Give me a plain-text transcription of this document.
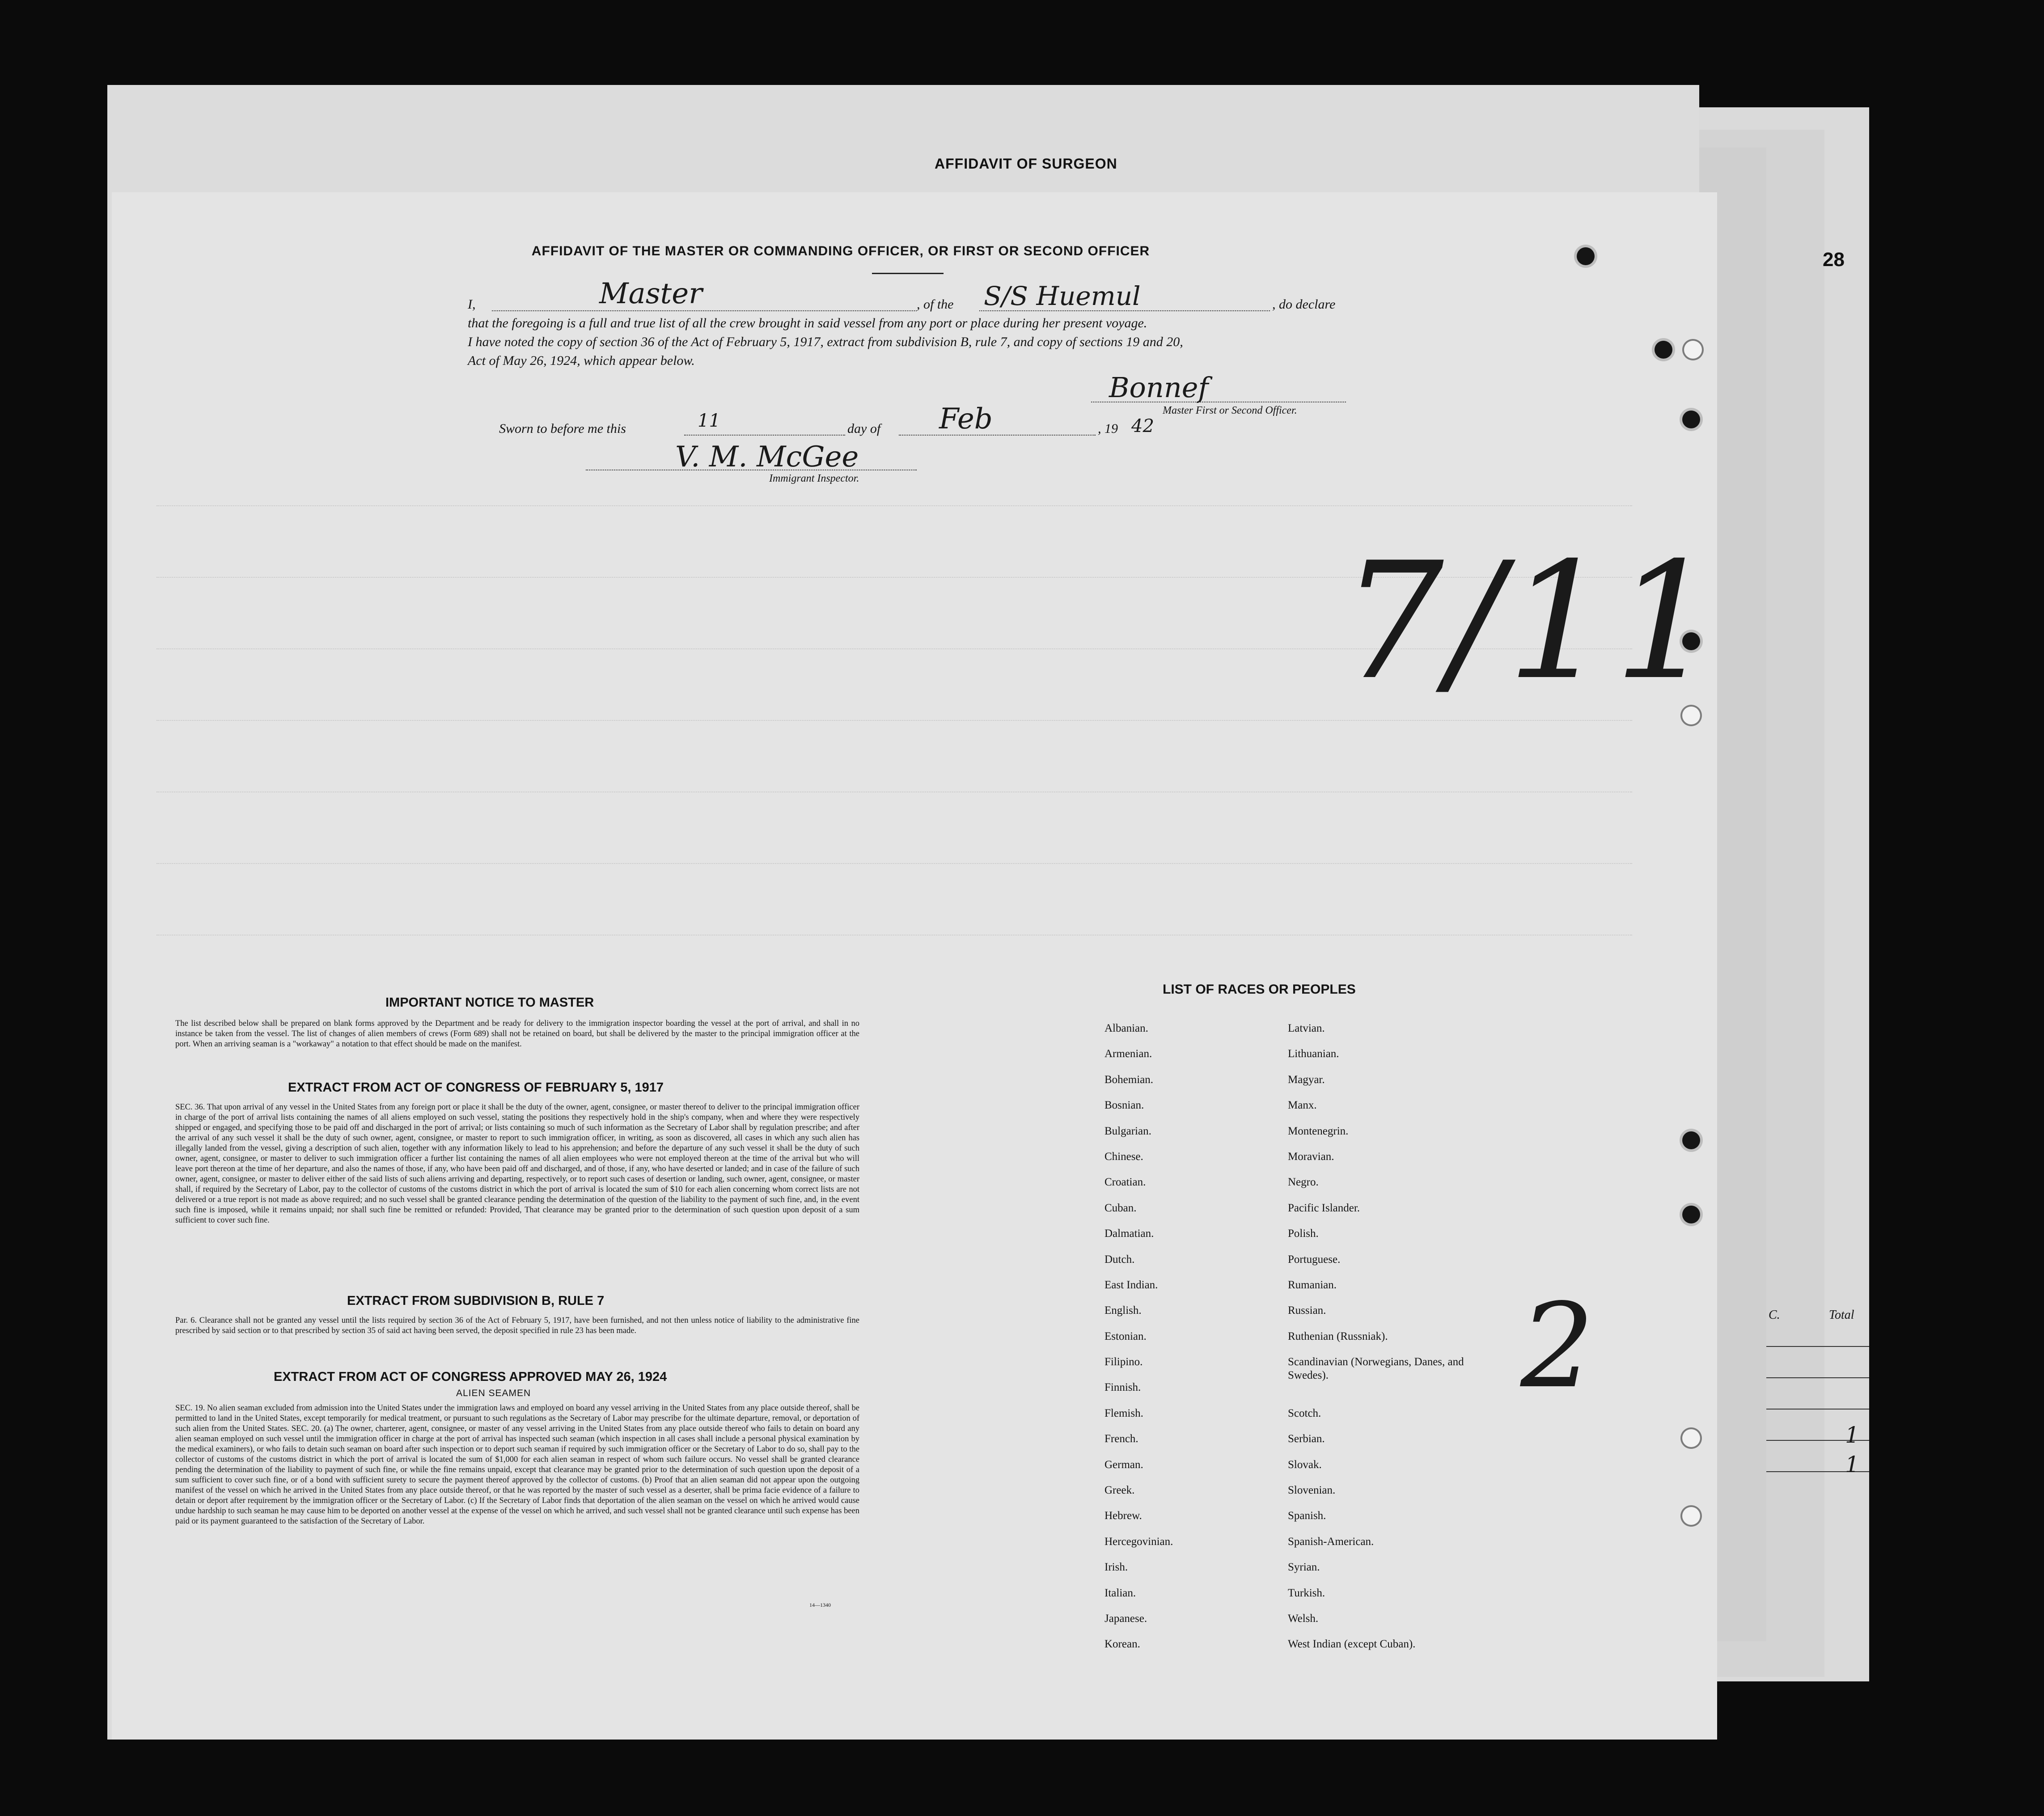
AFFIDAVIT OF SURGEON
28
AFFIDAVIT OF THE MASTER OR COMMANDING OFFICER, OR FIRST OR SECOND OFFICER
I,	Master	, of the S/S Huemul	, do declare
that the foregoing is a full and true list of all the crew brought in said vessel from any port or place during her present voyage.
I have noted the copy of section 36 of the Act of February 5, 1917, extract from subdivision B, rule 7, and copy of sections 19 and 20,
Act of May 26, 1924, which appear below.
Bonnef
Master First or Second Officer.
Sworn to before me this	11	day of Feb	, 19 42
V. M. McGee
Immigrant Inspector.
7/11
2	C.	Total
1
1
IMPORTANT NOTICE TO MASTER
The list described below shall be prepared on blank forms approved by the Department and be ready for delivery to the immigration inspector boarding the vessel at the port of arrival, and shall in no instance be taken from the vessel. The list of changes of alien members of crews (Form 689) shall not be retained on board, but shall be delivered by the master to the principal immigration officer at the port. When an arriving seaman is a "workaway" a notation to that effect should be made on the manifest.
EXTRACT FROM ACT OF CONGRESS OF FEBRUARY 5, 1917
SEC. 36. That upon arrival of any vessel in the United States from any foreign port or place it shall be the duty of the owner, agent, consignee, or master thereof to deliver to the principal immigration officer in charge of the port of arrival lists containing the names of all aliens employed on such vessel, stating the positions they respectively hold in the ship's company, when and where they were respectively shipped or engaged, and specifying those to be paid off and discharged in the port of arrival; or lists containing so much of such information as the Secretary of Labor shall by regulation prescribe; and after the arrival of any such vessel it shall be the duty of such owner, agent, consignee, or master to report to such immigration officer, in writing, as soon as discovered, all cases in which any such alien has illegally landed from the vessel, giving a description of such alien, together with any information likely to lead to his apprehension; and before the departure of any such vessel it shall be the duty of such owner, agent, consignee, or master to deliver to such immigration officer a further list containing the names of all alien employees who were not employed thereon at the time of the arrival but who will leave port thereon at the time of her departure, and also the names of those, if any, who have been paid off and discharged, and of those, if any, who have deserted or landed; and in case of the failure of such owner, agent, consignee, or master to deliver either of the said lists of such aliens arriving and departing, respectively, or to report such cases of desertion or landing, such owner, agent, consignee, or master shall, if required by the Secretary of Labor, pay to the collector of customs of the customs district in which the port of arrival is located the sum of $10 for each alien concerning whom correct lists are not delivered or a true report is not made as above required; and no such vessel shall be granted clearance pending the determination of the question of the liability to the payment of such fine, and, in the event such fine is imposed, while it remains unpaid; nor shall such fine be remitted or refunded: Provided, That clearance may be granted prior to the determination of such question upon deposit of a sum sufficient to cover such fine.
EXTRACT FROM SUBDIVISION B, RULE 7
Par. 6. Clearance shall not be granted any vessel until the lists required by section 36 of the Act of February 5, 1917, have been furnished, and not then unless notice of liability to the administrative fine prescribed by said section or to that prescribed by section 35 of said act having been served, the deposit specified in rule 23 has been made.
EXTRACT FROM ACT OF CONGRESS APPROVED MAY 26, 1924
ALIEN SEAMEN
SEC. 19. No alien seaman excluded from admission into the United States under the immigration laws and employed on board any vessel arriving in the United States from any place outside thereof, shall be permitted to land in the United States, except temporarily for medical treatment, or pursuant to such regulations as the Secretary of Labor may prescribe for the ultimate departure, removal, or deportation of such alien from the United States. SEC. 20. (a) The owner, charterer, agent, consignee, or master of any vessel arriving in the United States from any place outside thereof who fails to detain on board any alien seaman employed on such vessel until the immigration officer in charge at the port of arrival has inspected such seaman (which inspection in all cases shall include a personal physical examination by the medical examiners), or who fails to detain such seaman on board after such inspection or to deport such seaman if required by such immigration officer or the Secretary of Labor to do so, shall pay to the collector of customs of the customs district in which the port of arrival is located the sum of $1,000 for each alien seaman in respect of whom such failure occurs. No vessel shall be granted clearance pending the determination of the liability to payment of such fine, or while the fine remains unpaid, except that clearance may be granted prior to the determination of such question upon the deposit of a sum sufficient to cover such fine, or of a bond with sufficient surety to secure the payment thereof approved by the collector of customs. (b) Proof that an alien seaman did not appear upon the outgoing manifest of the vessel on which he arrived in the United States from any place outside thereof, or that he was reported by the master of such vessel as a deserter, shall be prima facie evidence of a failure to detain or deport after requirement by the immigration officer or the Secretary of Labor. (c) If the Secretary of Labor finds that deportation of the alien seaman on the vessel on which he arrived would cause undue hardship to such seaman he may cause him to be deported on another vessel at the expense of the vessel on which he arrived, and such vessel shall not be granted clearance until such expense has been paid or its payment guaranteed to the satisfaction of the Secretary of Labor.
14—1340
LIST OF RACES OR PEOPLES
Albanian.
Armenian.
Bohemian.
Bosnian.
Bulgarian.
Chinese.
Croatian.
Cuban.
Dalmatian.
Dutch.
East Indian.
English.
Estonian.
Filipino.
Finnish.
Flemish.
French.
German.
Greek.
Hebrew.
Hercegovinian.
Irish.
Italian.
Japanese.
Korean.
Latvian.
Lithuanian.
Magyar.
Manx.
Montenegrin.
Moravian.
Negro.
Pacific Islander.
Polish.
Portuguese.
Rumanian.
Russian.
Ruthenian (Russniak).
Scandinavian (Norwegians, Danes, and Swedes).
Scotch.
Serbian.
Slovak.
Slovenian.
Spanish.
Spanish-American.
Syrian.
Turkish.
Welsh.
West Indian (except Cuban).
